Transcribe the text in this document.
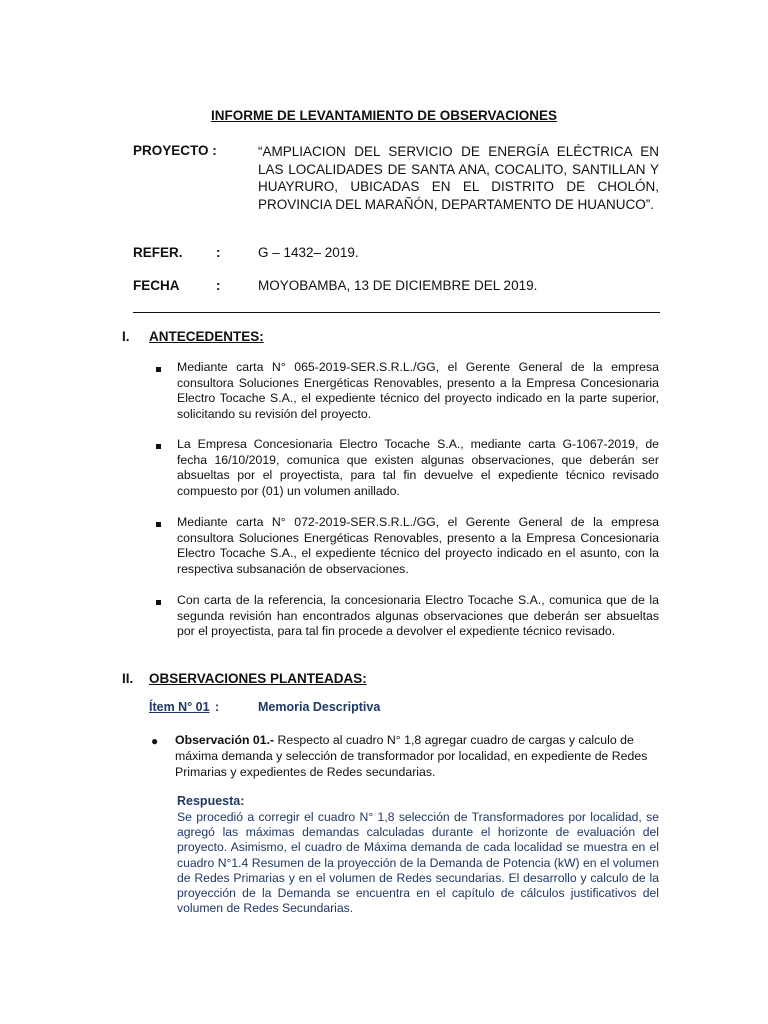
INFORME DE LEVANTAMIENTO DE OBSERVACIONES
PROYECTO :	“AMPLIACION DEL SERVICIO DE ENERGÍA ELÉCTRICA EN LAS LOCALIDADES DE SANTA ANA, COCALITO, SANTILLAN Y HUAYRURO, UBICADAS EN EL DISTRITO DE CHOLÓN, PROVINCIA DEL MARAÑÓN, DEPARTAMENTO DE HUANUCO”.
REFER. :	G – 1432– 2019.
FECHA	:	MOYOBAMBA, 13 DE DICIEMBRE DEL 2019.
I. ANTECEDENTES:
Mediante carta N° 065-2019-SER.S.R.L./GG, el Gerente General de la empresa consultora Soluciones Energéticas Renovables, presento a la Empresa Concesionaria Electro Tocache S.A., el expediente técnico del proyecto indicado en la parte superior, solicitando su revisión del proyecto.
La Empresa Concesionaria Electro Tocache S.A., mediante carta G-1067-2019, de fecha 16/10/2019, comunica que existen algunas observaciones, que deberán ser absueltas por el proyectista, para tal fin devuelve el expediente técnico revisado compuesto por (01) un volumen anillado.
Mediante carta N° 072-2019-SER.S.R.L./GG, el Gerente General de la empresa consultora Soluciones Energéticas Renovables, presento a la Empresa Concesionaria Electro Tocache S.A., el expediente técnico del proyecto indicado en el asunto, con la respectiva subsanación de observaciones.
Con carta de la referencia, la concesionaria Electro Tocache S.A., comunica que de la segunda revisión han encontrados algunas observaciones que deberán ser absueltas por el proyectista, para tal fin procede a devolver el expediente técnico revisado.
II. OBSERVACIONES PLANTEADAS:
Ítem N° 01 :	Memoria Descriptiva
● Observación 01.- Respecto al cuadro N° 1,8 agregar cuadro de cargas y calculo de máxima demanda y selección de transformador por localidad, en expediente de Redes Primarias y expedientes de Redes secundarias.
Respuesta:
Se procedió a corregir el cuadro N° 1,8 selección de Transformadores por localidad, se agregó las máximas demandas calculadas durante el horizonte de evaluación del proyecto. Asimismo, el cuadro de Máxima demanda de cada localidad se muestra en el cuadro N°1.4 Resumen de la proyección de la Demanda de Potencia (kW) en el volumen de Redes Primarias y en el volumen de Redes secundarias. El desarrollo y calculo de la proyección de la Demanda se encuentra en el capítulo de cálculos justificativos del volumen de Redes Secundarias.
